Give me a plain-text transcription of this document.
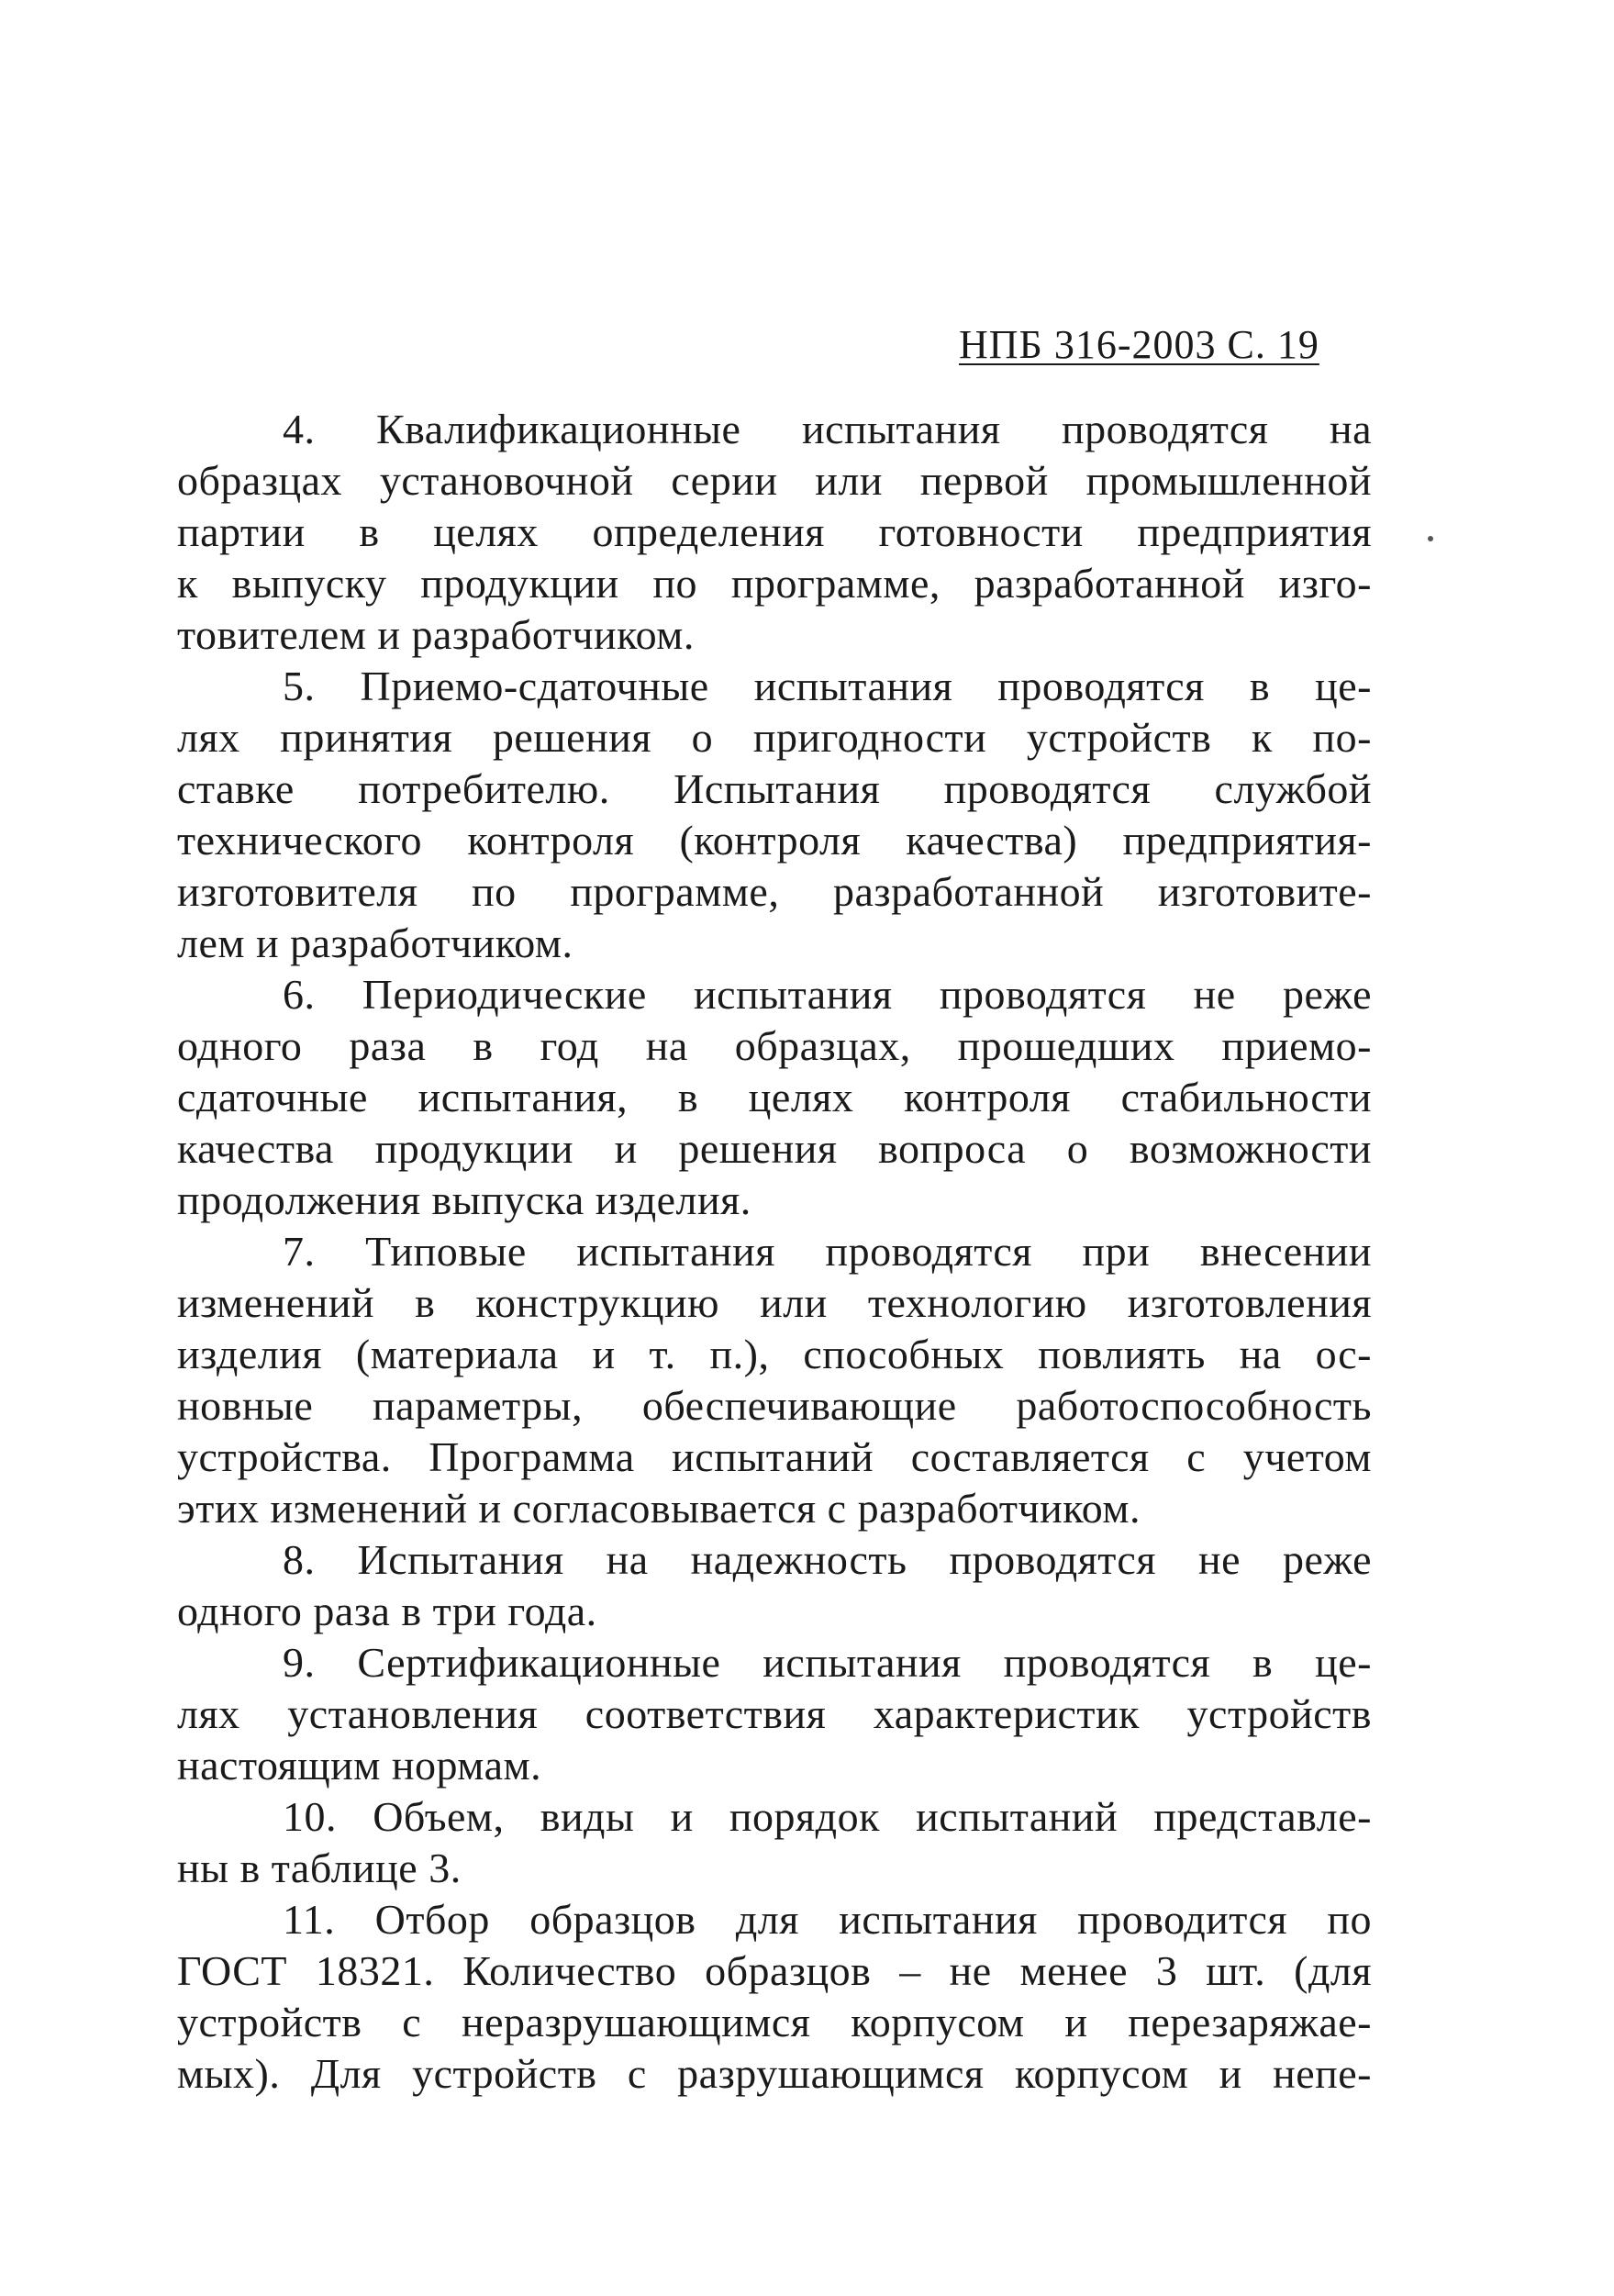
НПБ 316-2003 С. 19
4. Квалификационные испытания проводятся на
образцах установочной серии или первой промышленной
партии в целях определения готовности предприятия
к выпуску продукции по программе, разработанной изго-
товителем и разработчиком.
5. Приемо-сдаточные испытания проводятся в це-
лях принятия решения о пригодности устройств к по-
ставке потребителю. Испытания проводятся службой
технического контроля (контроля качества) предприятия-
изготовителя по программе, разработанной изготовите-
лем и разработчиком.
6. Периодические испытания проводятся не реже
одного раза в год на образцах, прошедших приемо-
сдаточные испытания, в целях контроля стабильности
качества продукции и решения вопроса о возможности
продолжения выпуска изделия.
7. Типовые испытания проводятся при внесении
изменений в конструкцию или технологию изготовления
изделия (материала и т. п.), способных повлиять на ос-
новные параметры, обеспечивающие работоспособность
устройства. Программа испытаний составляется с учетом
этих изменений и согласовывается с разработчиком.
8. Испытания на надежность проводятся не реже
одного раза в три года.
9. Сертификационные испытания проводятся в це-
лях установления соответствия характеристик устройств
настоящим нормам.
10. Объем, виды и порядок испытаний представле-
ны в таблице 3.
11. Отбор образцов для испытания проводится по
ГОСТ 18321. Количество образцов – не менее 3 шт. (для
устройств с неразрушающимся корпусом и перезаряжае-
мых). Для устройств с разрушающимся корпусом и непе-
